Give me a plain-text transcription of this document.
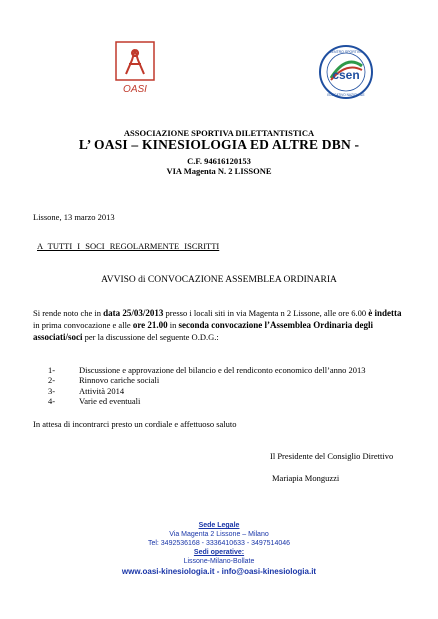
OASI
csen
CENTRO SPORTIVO
EDUCATIVO NAZIONALE
ASSOCIAZIONE SPORTIVA DILETTANTISTICA
L’ OASI – KINESIOLOGIA ED ALTRE DBN -
C.F. 94616120153
VIA Magenta N. 2 LISSONE
Lissone, 13 marzo 2013
A TUTTI I SOCI REGOLARMENTE ISCRITTI
AVVISO di CONVOCAZIONE ASSEMBLEA ORDINARIA
Si rende noto che in data 25/03/2013 presso i locali siti in via Magenta n 2 Lissone, alle ore 6.00 è indetta in prima convocazione e alle ore 21.00 in seconda convocazione l’Assemblea Ordinaria degli associati/soci per la discussione del seguente O.D.G.:
1-	Discussione e approvazione del bilancio e del rendiconto economico dell’anno 2013
2-	Rinnovo cariche sociali
3-	Attività 2014
4-	Varie ed eventuali
In attesa di incontrarci presto un cordiale e affettuoso saluto
Il Presidente del Consiglio Direttivo
Mariapia Monguzzi
Sede Legale
Via Magenta 2 Lissone – Milano
Tel: 3492536168 - 3336410633 - 3497514046
Sedi operative:
Lissone-Milano-Bollate
www.oasi-kinesiologia.it - info@oasi-kinesiologia.it
